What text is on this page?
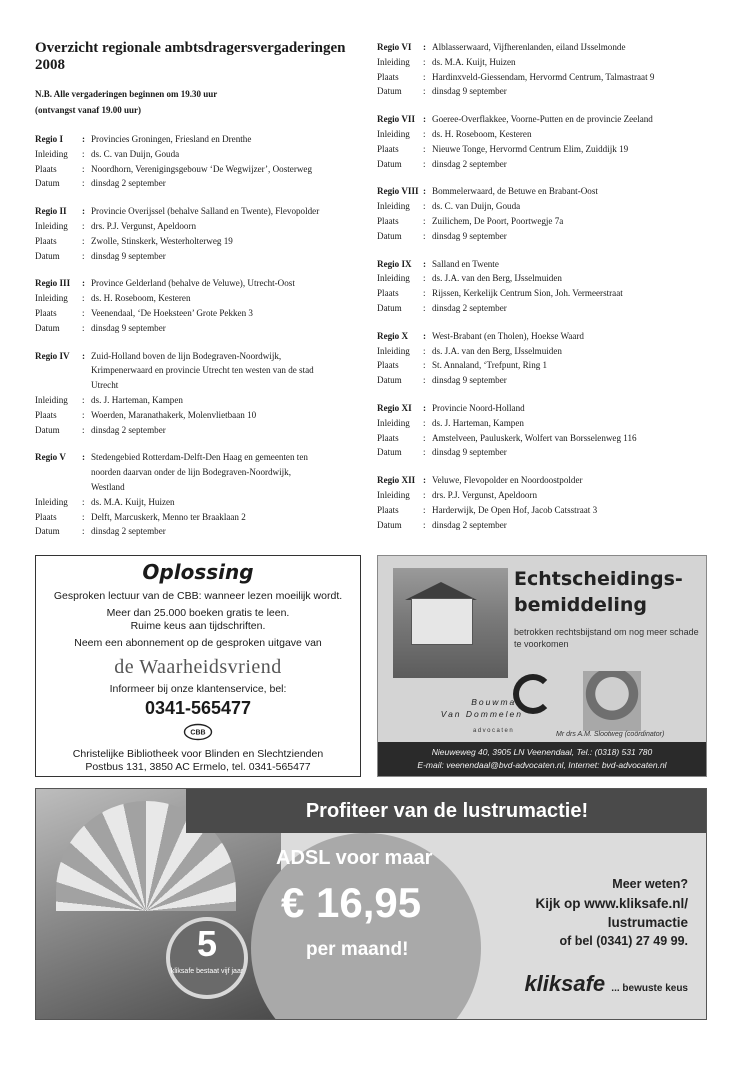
Overzicht regionale ambtsdragersvergaderingen 2008
N.B. Alle vergaderingen beginnen om 19.30 uur
(ontvangst vanaf 19.00 uur)
Regio I	: Provincies Groningen, Friesland en Drenthe
Inleiding	: ds. C. van Duijn, Gouda
Plaats	: Noordhorn, Verenigingsgebouw ‘De Wegwijzer’, Oosterweg
Datum	: dinsdag 2 september
Regio II	: Provincie Overijssel (behalve Salland en Twente), Flevopolder
Inleiding	: drs. P.J. Vergunst, Apeldoorn
Plaats	: Zwolle, Stinskerk, Westerholterweg 19
Datum	: dinsdag 9 september
Regio III	: Province Gelderland (behalve de Veluwe), Utrecht-Oost
Inleiding	: ds. H. Roseboom, Kesteren
Plaats	: Veenendaal, ‘De Hoeksteen’ Grote Pekken 3
Datum	: dinsdag 9 september
Regio IV	: Zuid-Holland boven de lijn Bodegraven-Noordwijk,
Krimpenerwaard en provincie Utrecht ten westen van de stad
Utrecht
Inleiding	: ds. J. Harteman, Kampen
Plaats	: Woerden, Maranathakerk, Molenvlietbaan 10
Datum	: dinsdag 2 september
Regio V	: Stedengebied Rotterdam-Delft-Den Haag en gemeenten ten
noorden daarvan onder de lijn Bodegraven-Noordwijk,
Westland
Inleiding	: ds. M.A. Kuijt, Huizen
Plaats	: Delft, Marcuskerk, Menno ter Braaklaan 2
Datum	: dinsdag 2 september
Regio VI	: Alblasserwaard, Vijfherenlanden, eiland IJsselmonde
Inleiding	: ds. M.A. Kuijt, Huizen
Plaats	: Hardinxveld-Giessendam, Hervormd Centrum, Talmastraat 9
Datum	: dinsdag 9 september
Regio VII : Goeree-Overflakkee, Voorne-Putten en de provincie Zeeland
Inleiding	: ds. H. Roseboom, Kesteren
Plaats	: Nieuwe Tonge, Hervormd Centrum Elim, Zuiddijk 19
Datum	: dinsdag 2 september
Regio VIII : Bommelerwaard, de Betuwe en Brabant-Oost
Inleiding	: ds. C. van Duijn, Gouda
Plaats	: Zuilichem, De Poort, Poortwegje 7a
Datum	: dinsdag 9 september
Regio IX	: Salland en Twente
Inleiding	: ds. J.A. van den Berg, IJsselmuiden
Plaats	: Rijssen, Kerkelijk Centrum Sion, Joh. Vermeerstraat
Datum	: dinsdag 2 september
Regio X	: West-Brabant (en Tholen), Hoekse Waard
Inleiding	: ds. J.A. van den Berg, IJsselmuiden
Plaats	: St. Annaland, ‘Trefpunt, Ring 1
Datum	: dinsdag 9 september
Regio XI	: Provincie Noord-Holland
Inleiding	: ds. J. Harteman, Kampen
Plaats	: Amstelveen, Pauluskerk, Wolfert van Borsselenweg 116
Datum	: dinsdag 9 september
Regio XII : Veluwe, Flevopolder en Noordoostpolder
Inleiding	: drs. P.J. Vergunst, Apeldoorn
Plaats	: Harderwijk, De Open Hof, Jacob Catsstraat 3
Datum	: dinsdag 2 september
Oplossing
Gesproken lectuur van de CBB: wanneer lezen moeilijk wordt.
Meer dan 25.000 boeken gratis te leen.
Ruime keus aan tijdschriften.
Neem een abonnement op de gesproken uitgave van
de Waarheidsvriend
Informeer bij onze klantenservice, bel:
0341-565477
CBB
Christelijke Bibliotheek voor Blinden en Slechtzienden
Postbus 131, 3850 AC Ermelo, tel. 0341-565477
Echtscheidings-
bemiddeling
betrokken rechtsbijstand om nog meer schade te voorkomen
Bouwman
Van Dommelen
advocaten	Mr drs A.M. Slootweg (coördinator)
Nieuweweg 40, 3905 LN Veenendaal, Tel.: (0318) 531 780
E-mail: veenendaal@bvd-advocaten.nl, Internet: bvd-advocaten.nl
Profiteer van de lustrumactie!
ADSL voor maar
€ 16,95
per maand!
5
kliksafe bestaat vijf jaar
Meer weten?
Kijk op www.kliksafe.nl/
lustrumactie
of bel (0341) 27 49 99.
kliksafe ... bewuste keus
